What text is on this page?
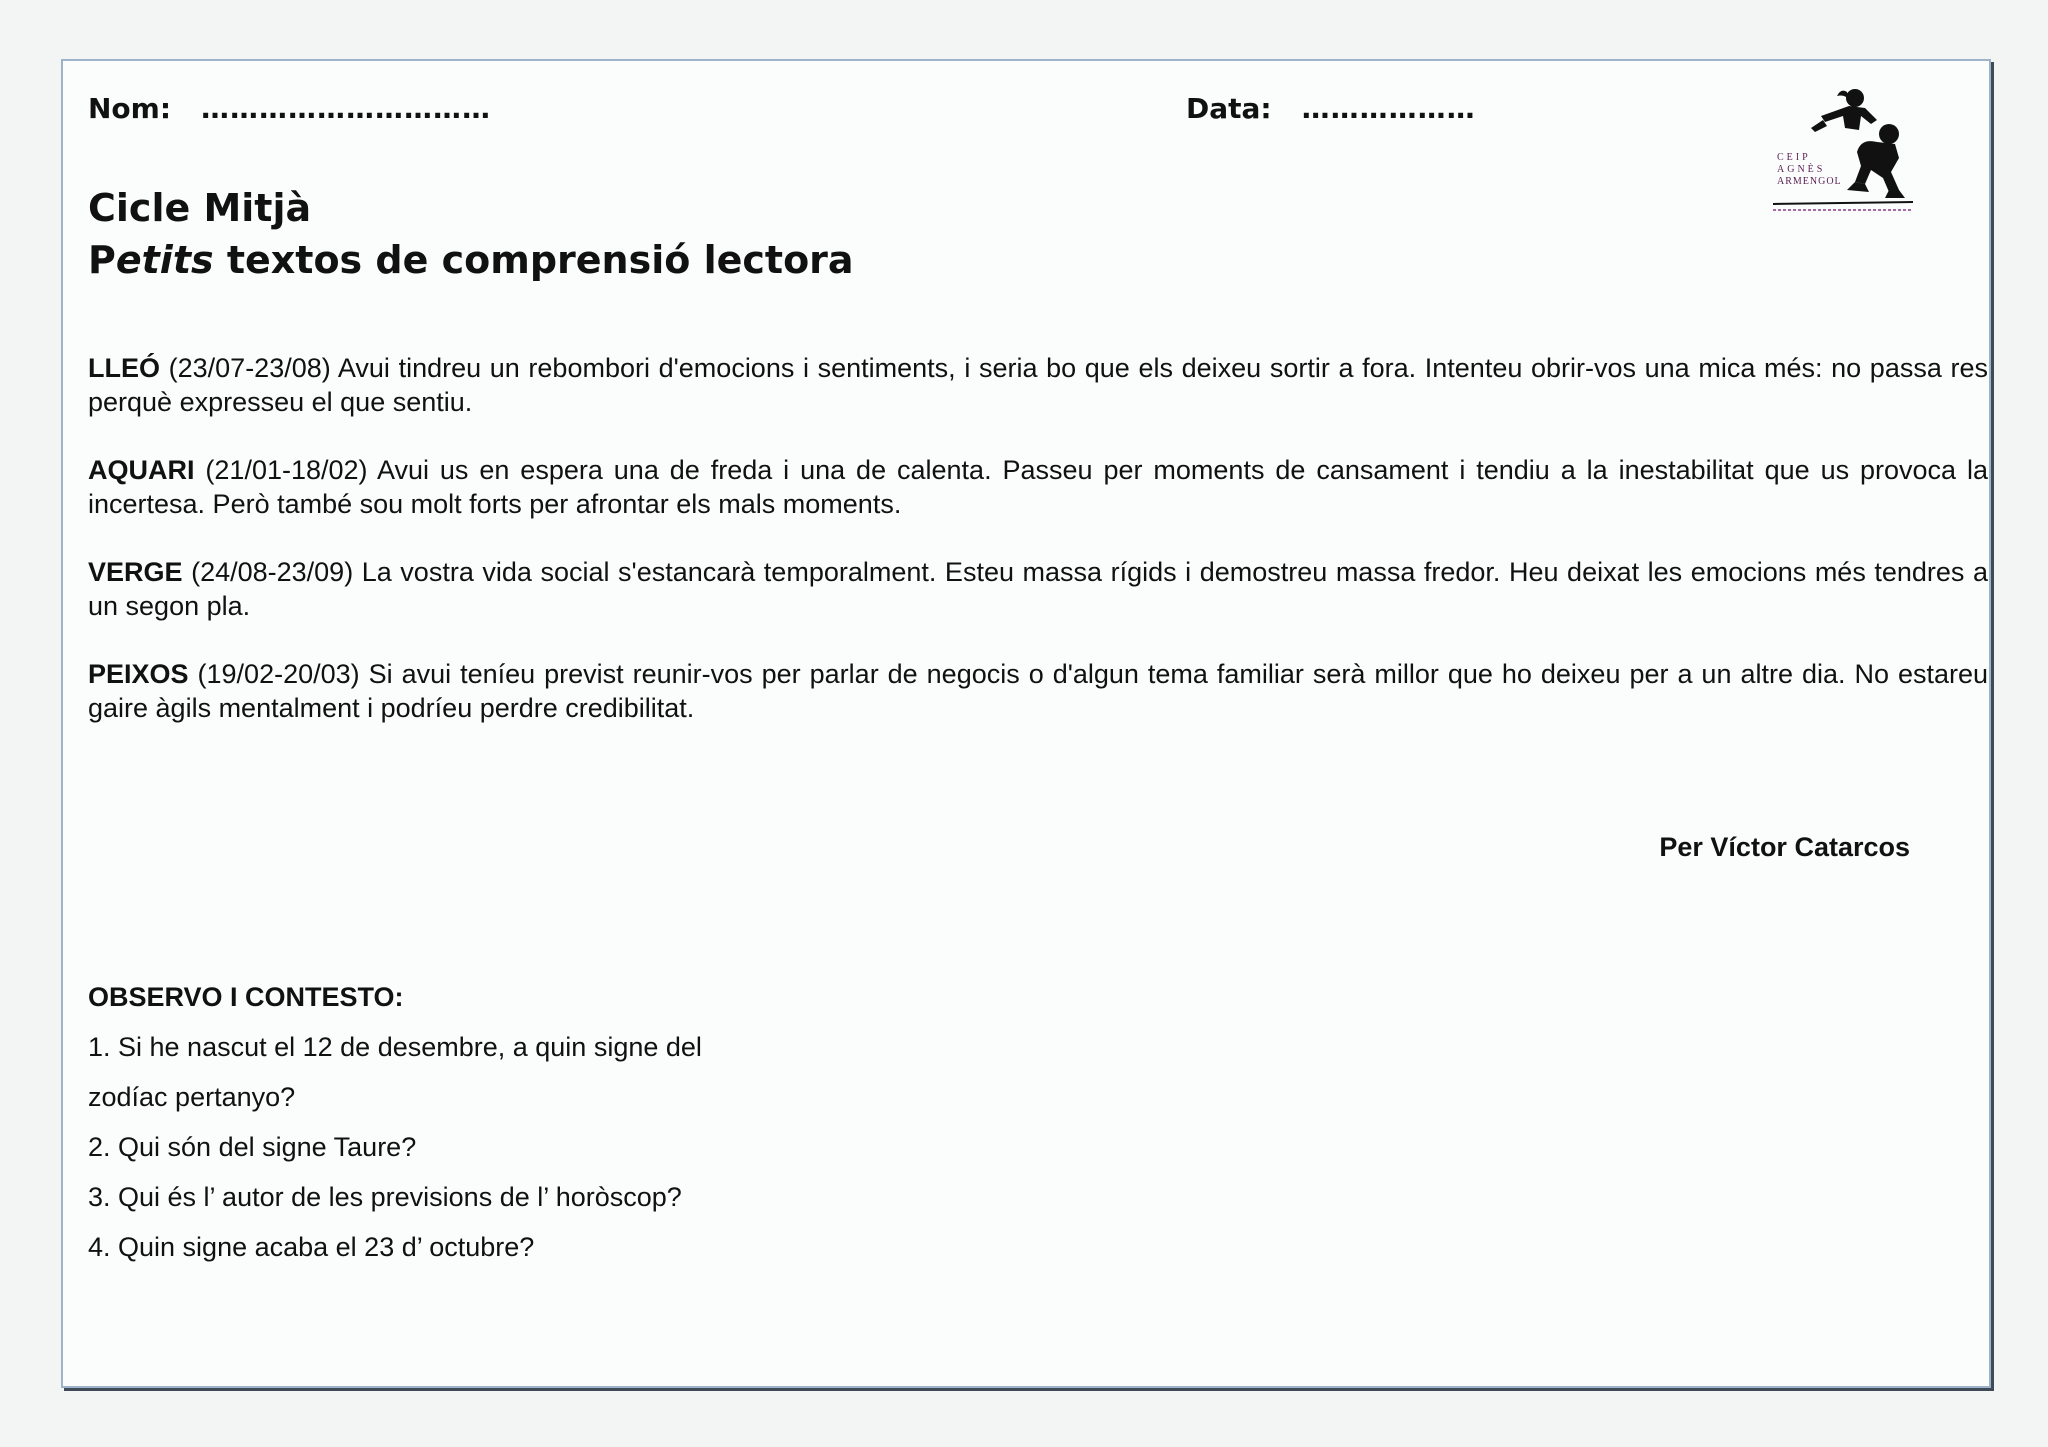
Nom: …………………………	Data: ………………
CEIP
AGNÈS
ARMENGOL
Cicle Mitjà
Petits textos de comprensió lectora
LLEÓ (23/07-23/08) Avui tindreu un rebombori d'emocions i sentiments, i seria bo que els deixeu sortir a fora. Intenteu obrir-vos una mica més: no passa res perquè expresseu el que sentiu.
AQUARI (21/01-18/02) Avui us en espera una de freda i una de calenta. Passeu per moments de cansament i tendiu a la inestabilitat que us provoca la incertesa. Però també sou molt forts per afrontar els mals moments.
VERGE (24/08-23/09) La vostra vida social s'estancarà temporalment. Esteu massa rígids i demostreu massa fredor. Heu deixat les emocions més tendres a un segon pla.
PEIXOS (19/02-20/03) Si avui teníeu previst reunir-vos per parlar de negocis o d'algun tema familiar serà millor que ho deixeu per a un altre dia. No estareu gaire àgils mentalment i podríeu perdre credibilitat.
Per Víctor Catarcos
OBSERVO I CONTESTO:
1. Si he nascut el 12 de desembre, a quin signe del
zodíac pertanyo?
2. Qui són del signe Taure?
3. Qui és l’ autor de les previsions de l’ horòscop?
4. Quin signe acaba el 23 d’ octubre?
